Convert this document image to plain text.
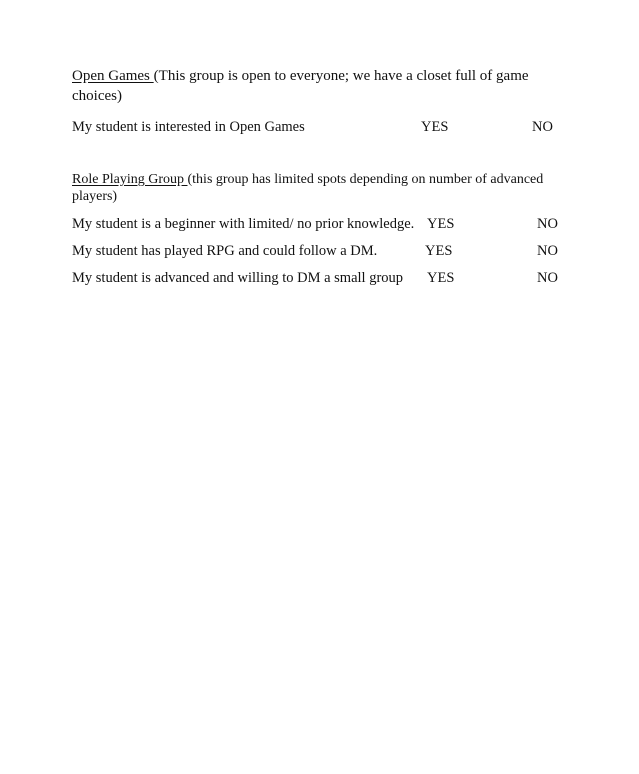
Open Games (This group is open to everyone; we have a closet full of game choices)

My student is interested in Open Games	YES	NO

Role Playing Group (this group has limited spots depending on number of advanced players)

My student is a beginner with limited/ no prior knowledge. YES	NO
My student has played RPG and could follow a DM.	YES	NO
My student is advanced and willing to DM a small group YES	NO
